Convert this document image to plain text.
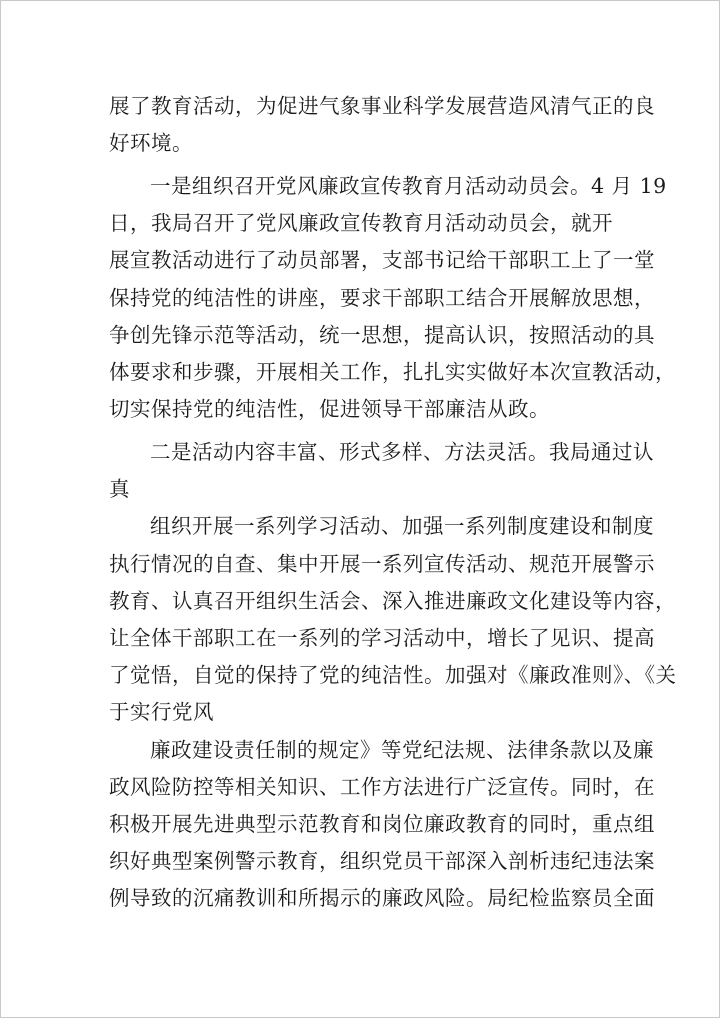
展了教育活动，为促进气象事业科学发展营造风清气正的良
好环境。
一是组织召开党风廉政宣传教育月活动动员会。4 月 19
日，我局召开了党风廉政宣传教育月活动动员会，就开
展宣教活动进行了动员部署，支部书记给干部职工上了一堂
保持党的纯洁性的讲座，要求干部职工结合开展解放思想，
争创先锋示范等活动，统一思想，提高认识，按照活动的具
体要求和步骤，开展相关工作，扎扎实实做好本次宣教活动，
切实保持党的纯洁性，促进领导干部廉洁从政。
二是活动内容丰富、形式多样、方法灵活。我局通过认
真
组织开展一系列学习活动、加强一系列制度建设和制度
执行情况的自查、集中开展一系列宣传活动、规范开展警示
教育、认真召开组织生活会、深入推进廉政文化建设等内容，
让全体干部职工在一系列的学习活动中，增长了见识、提高
了觉悟，自觉的保持了党的纯洁性。加强对《廉政准则》、《关
于实行党风
廉政建设责任制的规定》等党纪法规、法律条款以及廉
政风险防控等相关知识、工作方法进行广泛宣传。同时，在
积极开展先进典型示范教育和岗位廉政教育的同时，重点组
织好典型案例警示教育，组织党员干部深入剖析违纪违法案
例导致的沉痛教训和所揭示的廉政风险。局纪检监察员全面
